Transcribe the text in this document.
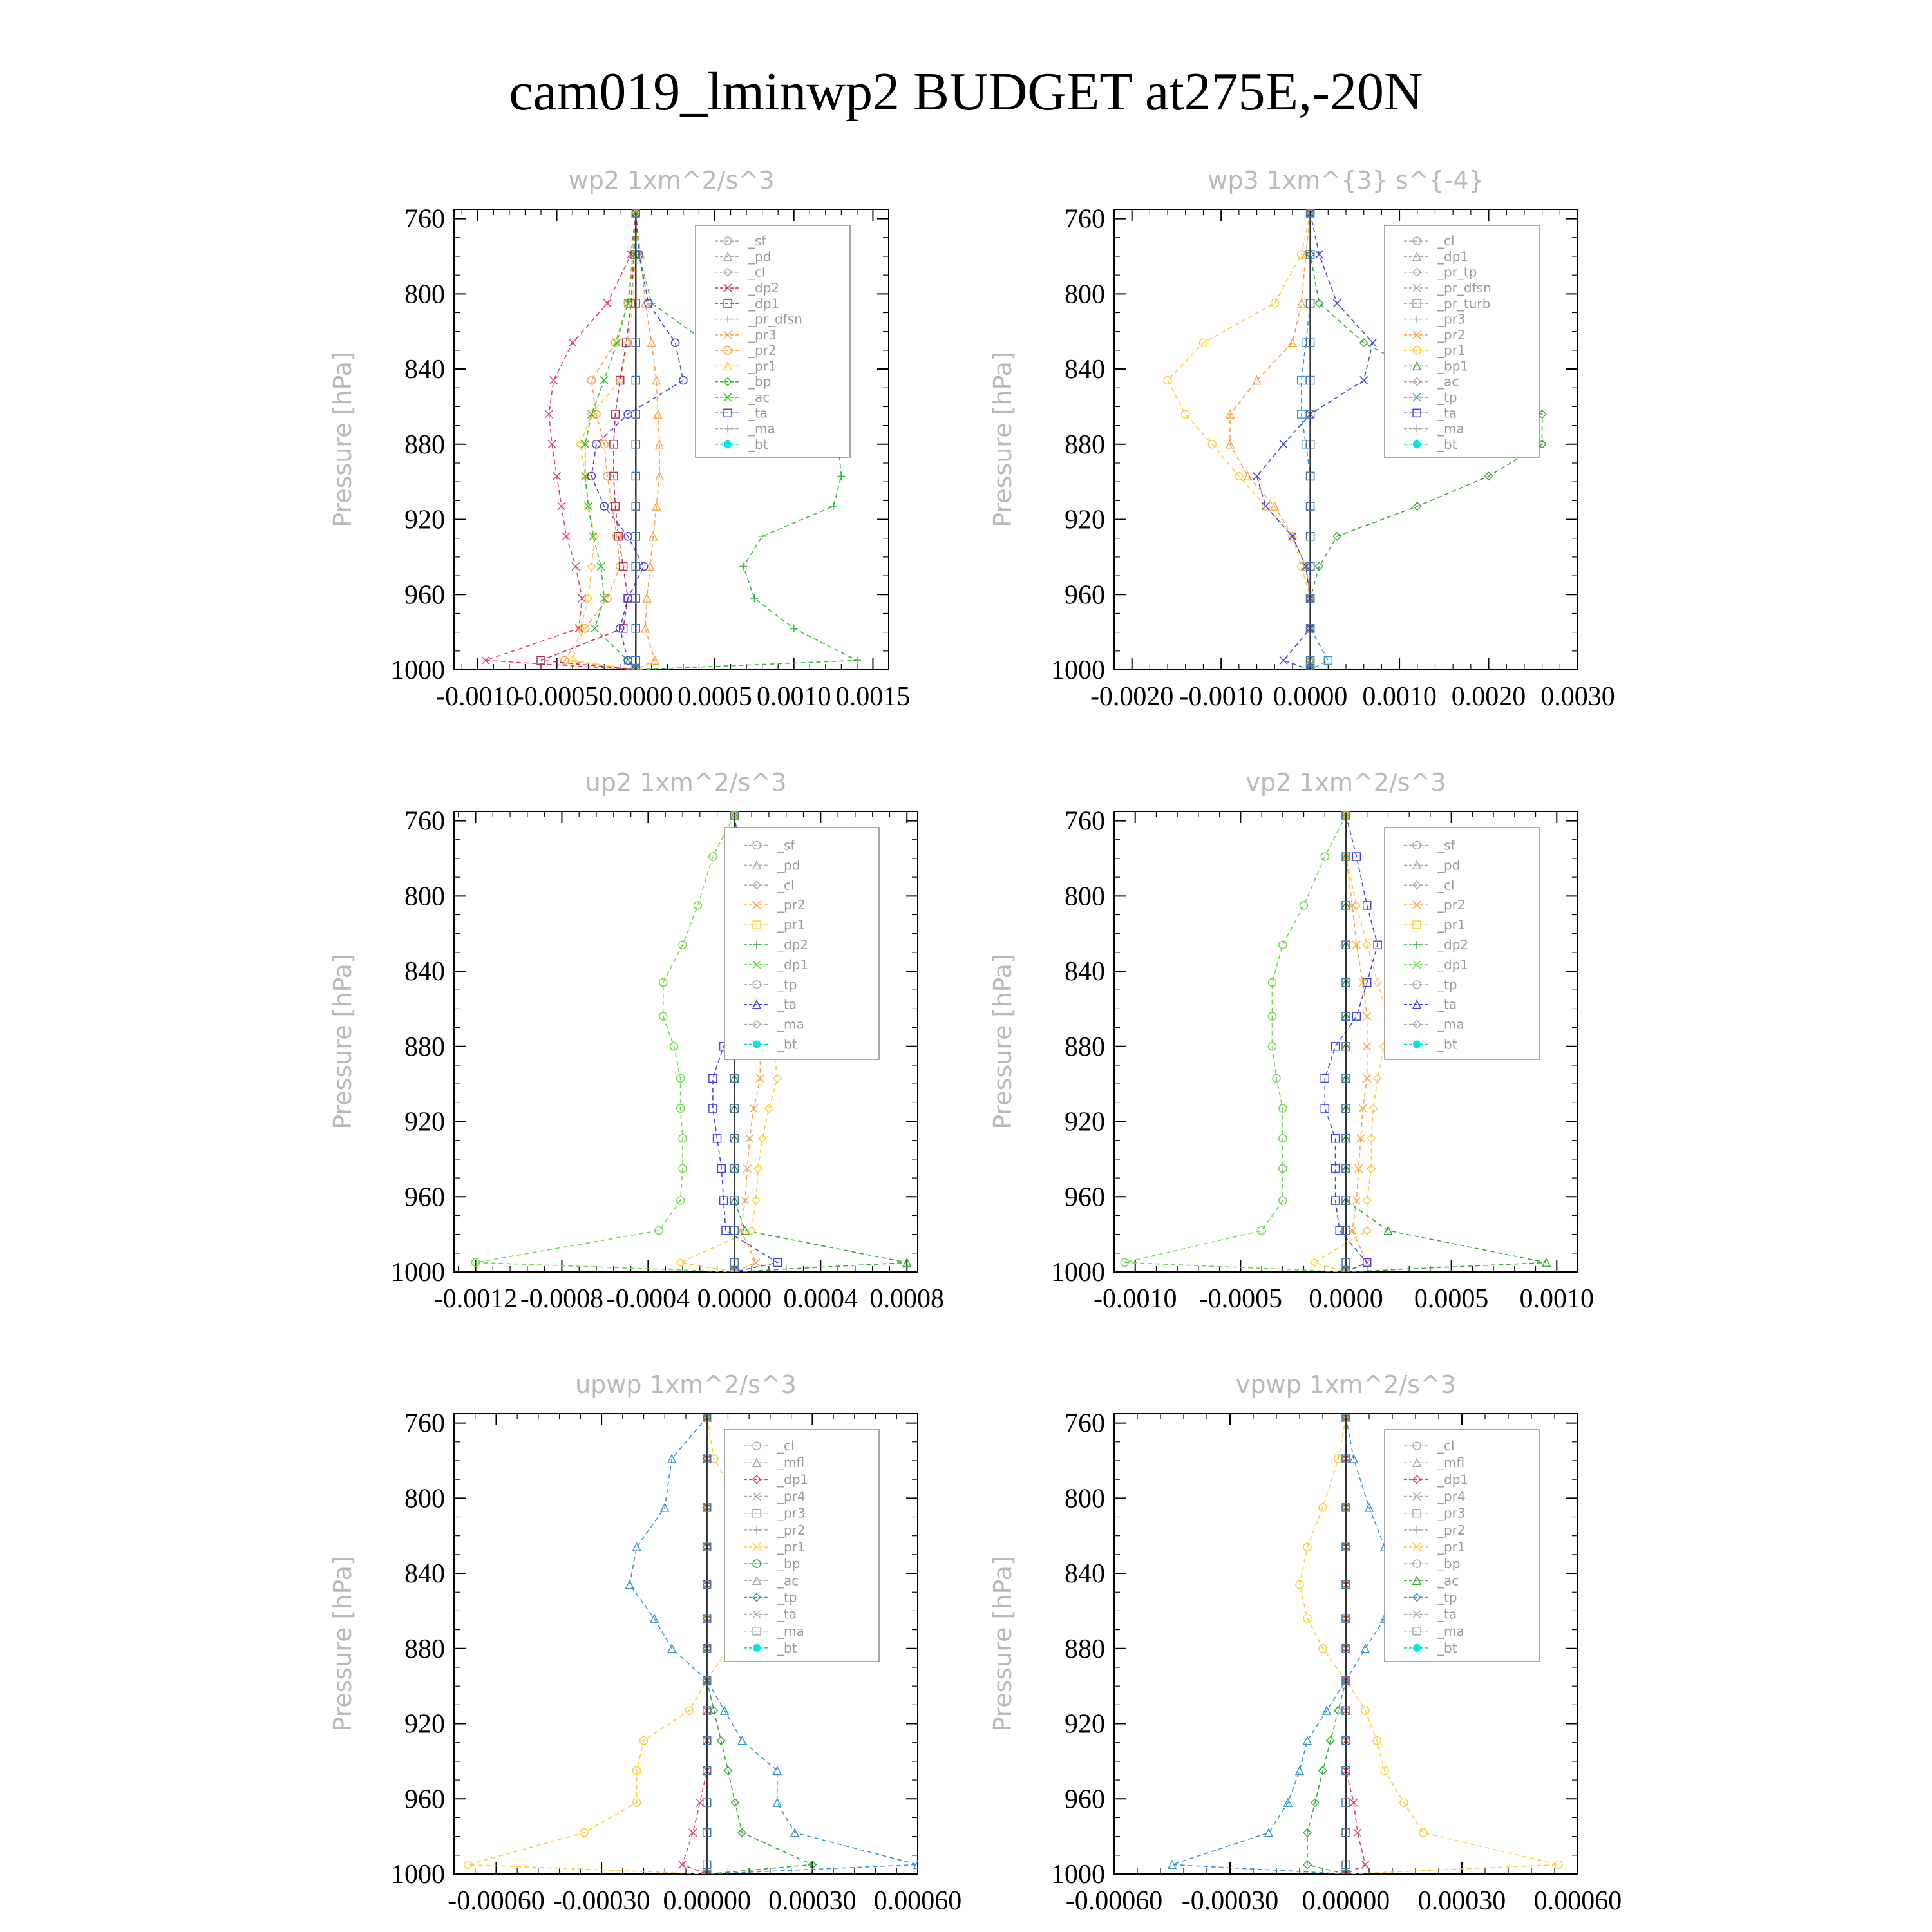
cam019_lminwp2 BUDGET at275E,-20N
wp2 1xm^2/s^3
Pressure [hPa]
760
800
840
880
920
960
1000
-0.0010
-0.0005 0.0000 0.0005 0.0010 0.0015
_sf
_pd
_cl
_dp2
_dp1
_pr_dfsn
_pr3
_pr2
_pr1
_bp
_ac
_ta
_ma
_bt
wp3 1xm^{3} s^{-4}
Pressure [hPa]
760
800
840
880
920
960
1000
-0.0020 -0.0010 0.0000 0.0010 0.0020 0.0030
_cl
_dp1
_pr_tp
_pr_dfsn
_pr_turb
_pr3
_pr2
_pr1
_bp1
_ac
_tp
_ta
_ma
_bt
up2 1xm^2/s^3
Pressure [hPa]
760
800
840
880
920
960
1000
-0.0012 -0.0008 -0.0004 0.0000 0.0004 0.0008
_sf
_pd
_cl
_pr2
_pr1
_dp2
_dp1
_tp
_ta
_ma
_bt
vp2 1xm^2/s^3
Pressure [hPa]
760
800
840
880
920
960
1000
-0.0010 -0.0005 0.0000 0.0005 0.0010
_sf
_pd
_cl
_pr2
_pr1
_dp2
_dp1
_tp
_ta
_ma
_bt
upwp 1xm^2/s^3
Pressure [hPa]
760
800
840
880
920
960
1000
-0.00060 -0.00030 0.00000 0.00030 0.00060
_cl
_mfl
_dp1
_pr4
_pr3
_pr2
_pr1
_bp
_ac
_tp
_ta
_ma
_bt
vpwp 1xm^2/s^3
Pressure [hPa]
760
800
840
880
920
960
1000
-0.00060 -0.00030 0.00000 0.00030 0.00060
_cl
_mfl
_dp1
_pr4
_pr3
_pr2
_pr1
_bp
_ac
_tp
_ta
_ma
_bt
